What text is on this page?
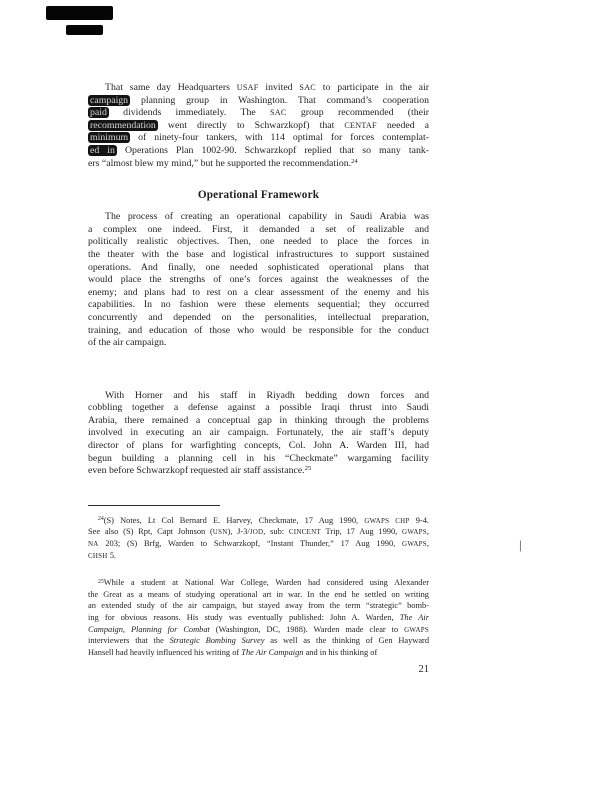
|
That same day Headquarters USAF invited SAC to participate in the air
campaign planning group in Washington. That command’s cooperation
paid dividends immediately. The SAC group recommended (their
recommendation went directly to Schwarzkopf) that CENTAF needed a
minimum of ninety-four tankers, with 114 optimal for forces contemplat-
ed in Operations Plan 1002-90. Schwarzkopf replied that so many tank-
ers “almost blew my mind,” but he supported the recommendation.$^{24}$
Operational Framework
The process of creating an operational capability in Saudi Arabia was
a complex one indeed. First, it demanded a set of realizable and
politically realistic objectives. Then, one needed to place the forces in
the theater with the base and logistical infrastructures to support sustained
operations. And finally, one needed sophisticated operational plans that
would place the strengths of one’s forces against the weaknesses of the
enemy; and plans had to rest on a clear assessment of the enemy and his
capabilities. In no fashion were these elements sequential; they occurred
concurrently and depended on the personalities, intellectual preparation,
training, and education of those who would be responsible for the conduct
of the air campaign.
With Horner and his staff in Riyadh bedding down forces and
cobbling together a defense against a possible Iraqi thrust into Saudi
Arabia, there remained a conceptual gap in thinking through the problems
involved in executing an air campaign. Fortunately, the air staff’s deputy
director of plans for warfighting concepts, Col. John A. Warden III, had
begun building a planning cell in his “Checkmate” wargaming facility
even before Schwarzkopf requested air staff assistance.$^{25}$
$^{24}$(S) Notes, Lt Col Bernard E. Harvey, Checkmate, 17 Aug 1990, GWAPS CHP 9-4.
See also (S) Rpt, Capt Johnson (USN), J-3/JOD, sub: CINCENT Trip, 17 Aug 1990, GWAPS,
NA 203; (S) Brfg, Warden to Schwarzkopf, “Instant Thunder,” 17 Aug 1990, GWAPS,
CHSH 5.
$^{25}$While a student at National War College, Warden had considered using Alexander
the Great as a means of studying operational art in war. In the end he settled on writing
an extended study of the air campaign, but stayed away from the term “strategic” bomb-
ing for obvious reasons. His study was eventually published: John A. Warden, The Air
Campaign, Planning for Combat (Washington, DC, 1988). Warden made clear to GWAPS
interviewers that the Strategic Bombing Survey as well as the thinking of Gen Hayward
Hansell had heavily influenced his writing of The Air Campaign and in his thinking of
21
